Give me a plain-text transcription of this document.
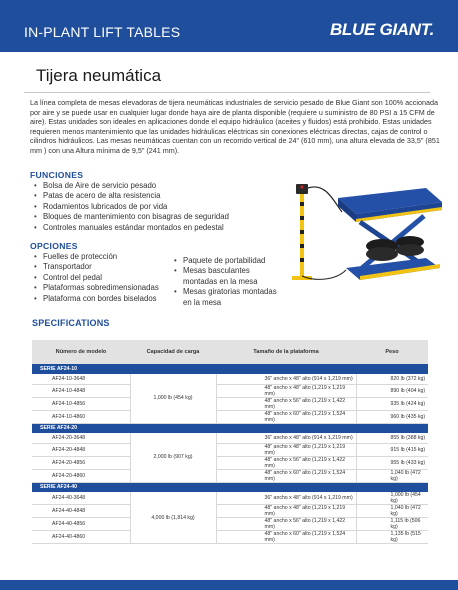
IN-PLANT LIFT TABLES	BLUE GIANT.
Tijera neumática

La línea completa de mesas elevadoras de tijera neumáticas industriales de servicio pesado de Blue Giant son 100% accionada por aire y se puede usar en cualquier lugar donde haya aire de planta disponible (requiere u suministro de 80 PSI a 15 CFM de aire). Estas unidades son ideales en aplicaciones donde el equipo hidráulico (aceites y fluidos) está prohibido. Estas unidades requieren menos mantenimiento que las unidades hidráulicas eléctricas sin conexiones eléctricas directas, cajas de control o cilindros hidráulicos. Las mesas neumáticas cuentan con un recorrido vertical de 24" (610 mm), una altura elevada de 33,5" (851 mm ) con una Altura mínima de 9,5" (241 mm).

FUNCIONES
• Bolsa de Aire de servicio pesado
• Patas de acero de alta resistencia
• Rodamientos lubricados de por vida
• Bloques de mantenimiento con bisagras de seguridad
• Controles manuales estándar montados en pedestal
OPCIONES
• Fuelles de protección
• Transportador
• Control del pedal
• Plataformas sobredimensionadas
• Plataforma con bordes biselados
• Paquete de portabilidad
• Mesas basculantes montadas en la mesa
• Mesas giratorias montadas en la mesa
SPECIFICATIONS
Número de modelo	Capacidad de carga	Tamaño de la plataforma	Peso
SERIE AF24-10			
AF24-10-3648	1,000 lb (454 kg)	36" ancho x 48" alto (914 x 1,219 mm)	820 lb (372 kg)
AF24-10-4848		48" ancho x 48" alto (1,219 x 1,219 mm)	890 lb (404 kg)
AF24-10-4856		48" ancho x 56" alto (1,219 x 1,422 mm)	935 lb (424 kg)
AF24-10-4860		48" ancho x 60" alto (1,219 x 1,524 mm)	960 lb (435 kg)
SERIE AF24-20			
AF24-20-3648	2,000 lb (907 kg)	36" ancho x 48" alto (914 x 1,219 mm)	855 lb (388 kg)
AF24-20-4848		48" ancho x 48" alto (1,219 x 1,219 mm)	915 lb (415 kg)
AF24-20-4856		48" ancho x 56" alto (1,219 x 1,422 mm)	955 lb (433 kg)
AF24-20-4860		48" ancho x 60" alto (1,219 x 1,524 mm)	1,040 lb (472 kg)
SERIE AF24-40			
AF24-40-3648	4,000 lb (1,814 kg)	36" ancho x 48" alto (914 x 1,219 mm)	1,000 lb (454 kg)
AF24-40-4848		48" ancho x 48" alto (1,219 x 1,219 mm)	1,040 lb (472 kg)
AF24-40-4856		48" ancho x 56" alto (1,219 x 1,422 mm)	1,115 lb (506 kg)
AF24-40-4860		48" ancho x 60" alto (1,219 x 1,524 mm)	1,135 lb (515 kg)
